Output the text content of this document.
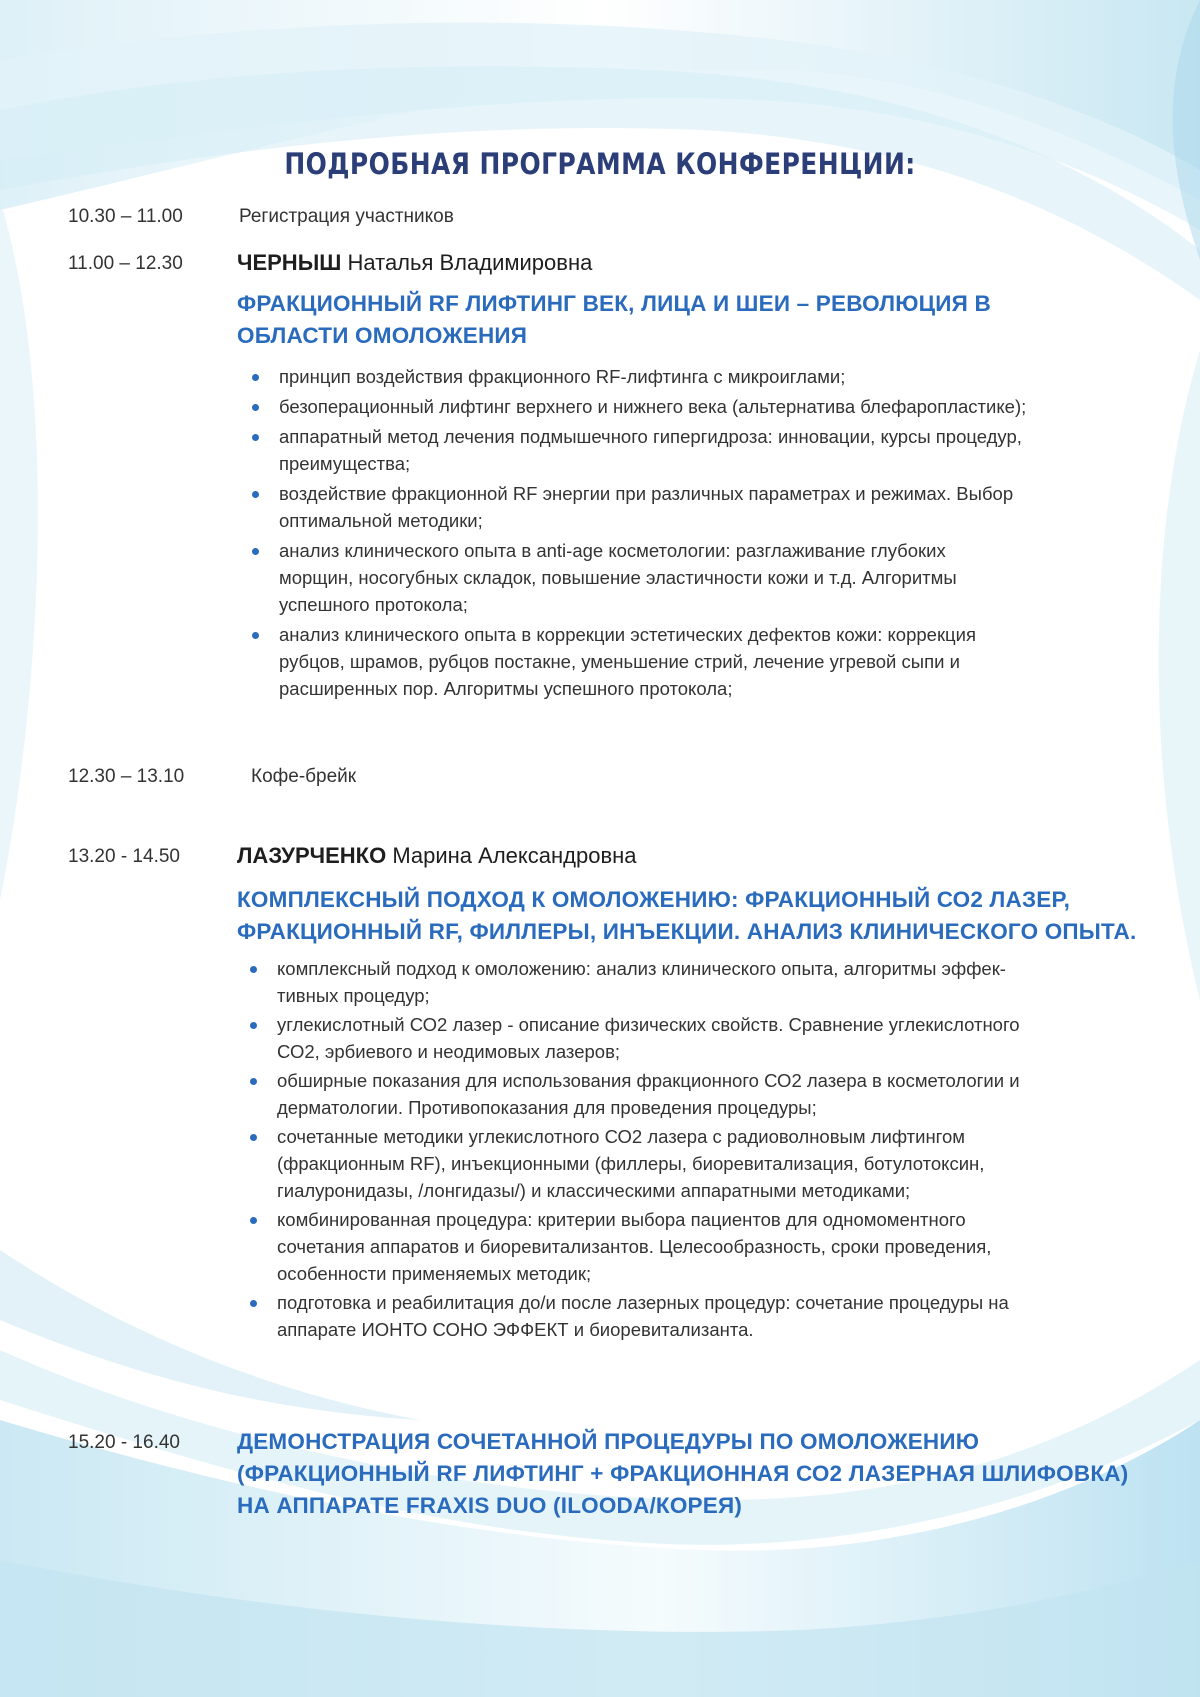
ПОДРОБНАЯ ПРОГРАММА КОНФЕРЕНЦИИ:
10.30 – 11.00	Регистрация участников
11.00 – 12.30 ЧЕРНЫШ Наталья Владимировна
ФРАКЦИОННЫЙ RF ЛИФТИНГ ВЕК, ЛИЦА И ШЕИ – РЕВОЛЮЦИЯ В
ОБЛАСТИ ОМОЛОЖЕНИЯ
принцип воздействия фракционного RF-лифтинга с микроиглами;
безоперационный лифтинг верхнего и нижнего века (альтернатива блефаропластике);
аппаратный метод лечения подмышечного гипергидроза: инновации, курсы процедур,
преимущества;
воздействие фракционной RF энергии при различных параметрах и режимах. Выбор
оптимальной методики;
анализ клинического опыта в anti-age косметологии: разглаживание глубоких
морщин, носогубных складок, повышение эластичности кожи и т.д. Алгоритмы
успешного протокола;
анализ клинического опыта в коррекции эстетических дефектов кожи: коррекция
рубцов, шрамов, рубцов постакне, уменьшение стрий, лечение угревой сыпи и
расширенных пор. Алгоритмы успешного протокола;
12.30 – 13.10	Кофе-брейк
13.20 - 14.50	ЛАЗУРЧЕНКО Марина Александровна
КОМПЛЕКСНЫЙ ПОДХОД К ОМОЛОЖЕНИЮ: ФРАКЦИОННЫЙ СО2 ЛАЗЕР,
ФРАКЦИОННЫЙ RF, ФИЛЛЕРЫ, ИНЪЕКЦИИ. АНАЛИЗ КЛИНИЧЕСКОГО ОПЫТА.
комплексный подход к омоложению: анализ клинического опыта, алгоритмы эффек-
тивных процедур;
углекислотный СО2 лазер - описание физических свойств. Сравнение углекислотного
СО2, эрбиевого и неодимовых лазеров;
обширные показания для использования фракционного СО2 лазера в косметологии и
дерматологии. Противопоказания для проведения процедуры;
сочетанные методики углекислотного СО2 лазера с радиоволновым лифтингом
(фракционным RF), инъекционными (филлеры, биоревитализация, ботулотоксин,
гиалуронидазы, /лонгидазы/) и классическими аппаратными методиками;
комбинированная процедура: критерии выбора пациентов для одномоментного
сочетания аппаратов и биоревитализантов. Целесообразность, сроки проведения,
особенности применяемых методик;
подготовка и реабилитация до/и после лазерных процедур: сочетание процедуры на
аппарате ИОНТО СОНО ЭФФЕКТ и биоревитализанта.
15.20 - 16.40	ДЕМОНСТРАЦИЯ СОЧЕТАННОЙ ПРОЦЕДУРЫ ПО ОМОЛОЖЕНИЮ
(ФРАКЦИОННЫЙ RF ЛИФТИНГ + ФРАКЦИОННАЯ СО2 ЛАЗЕРНАЯ ШЛИФОВКА)
НА АППАРАТЕ FRAXIS DUO (ILOODA/КОРЕЯ)
